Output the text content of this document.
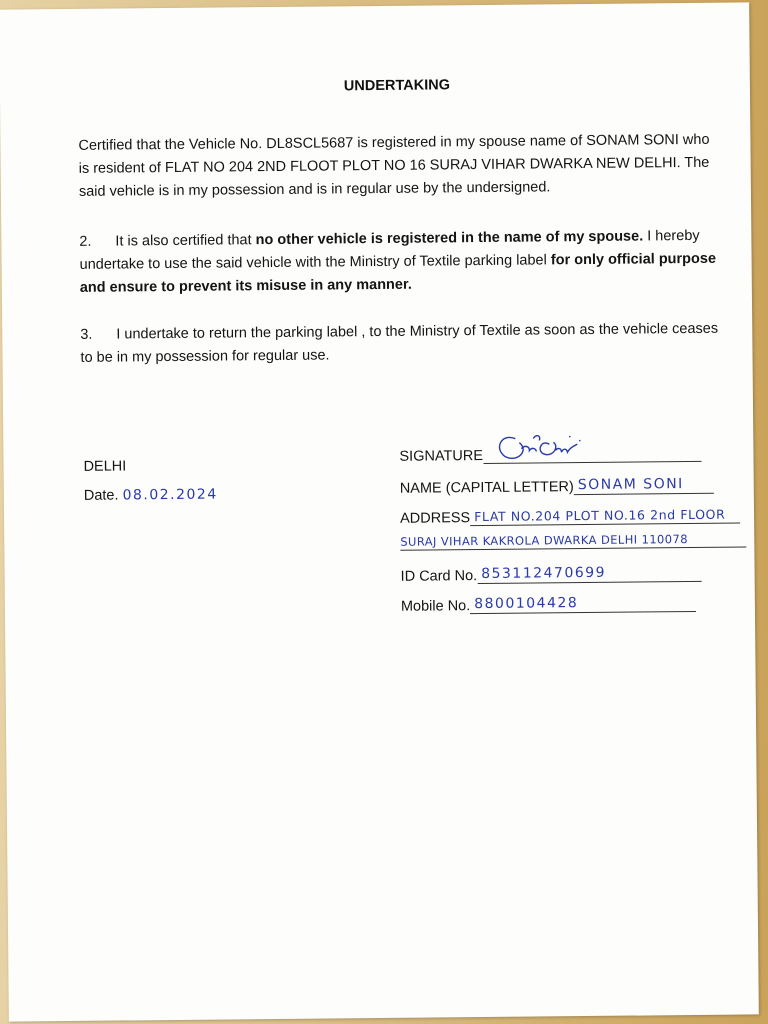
UNDERTAKING
Certified that the Vehicle No. DL8SCL5687 is registered in my spouse name of SONAM SONI who is resident of FLAT NO 204 2ND FLOOT PLOT NO 16 SURAJ VIHAR DWARKA NEW DELHI. The said vehicle is in my possession and is in regular use by the undersigned.
2. It is also certified that no other vehicle is registered in the name of my spouse. I hereby undertake to use the said vehicle with the Ministry of Textile parking label for only official purpose and ensure to prevent its misuse in any manner.
3. I undertake to return the parking label , to the Ministry of Textile as soon as the vehicle ceases to be in my possession for regular use.
DELHI
Date. 08.02.2024
SIGNATURE
NAME (CAPITAL LETTER) SONAM SONI
ADDRESS FLAT NO.204 PLOT NO.16 2nd FLOOR
SURAJ VIHAR KAKROLA DWARKA DELHI 110078
ID Card No. 853112470699
Mobile No. 8800104428
